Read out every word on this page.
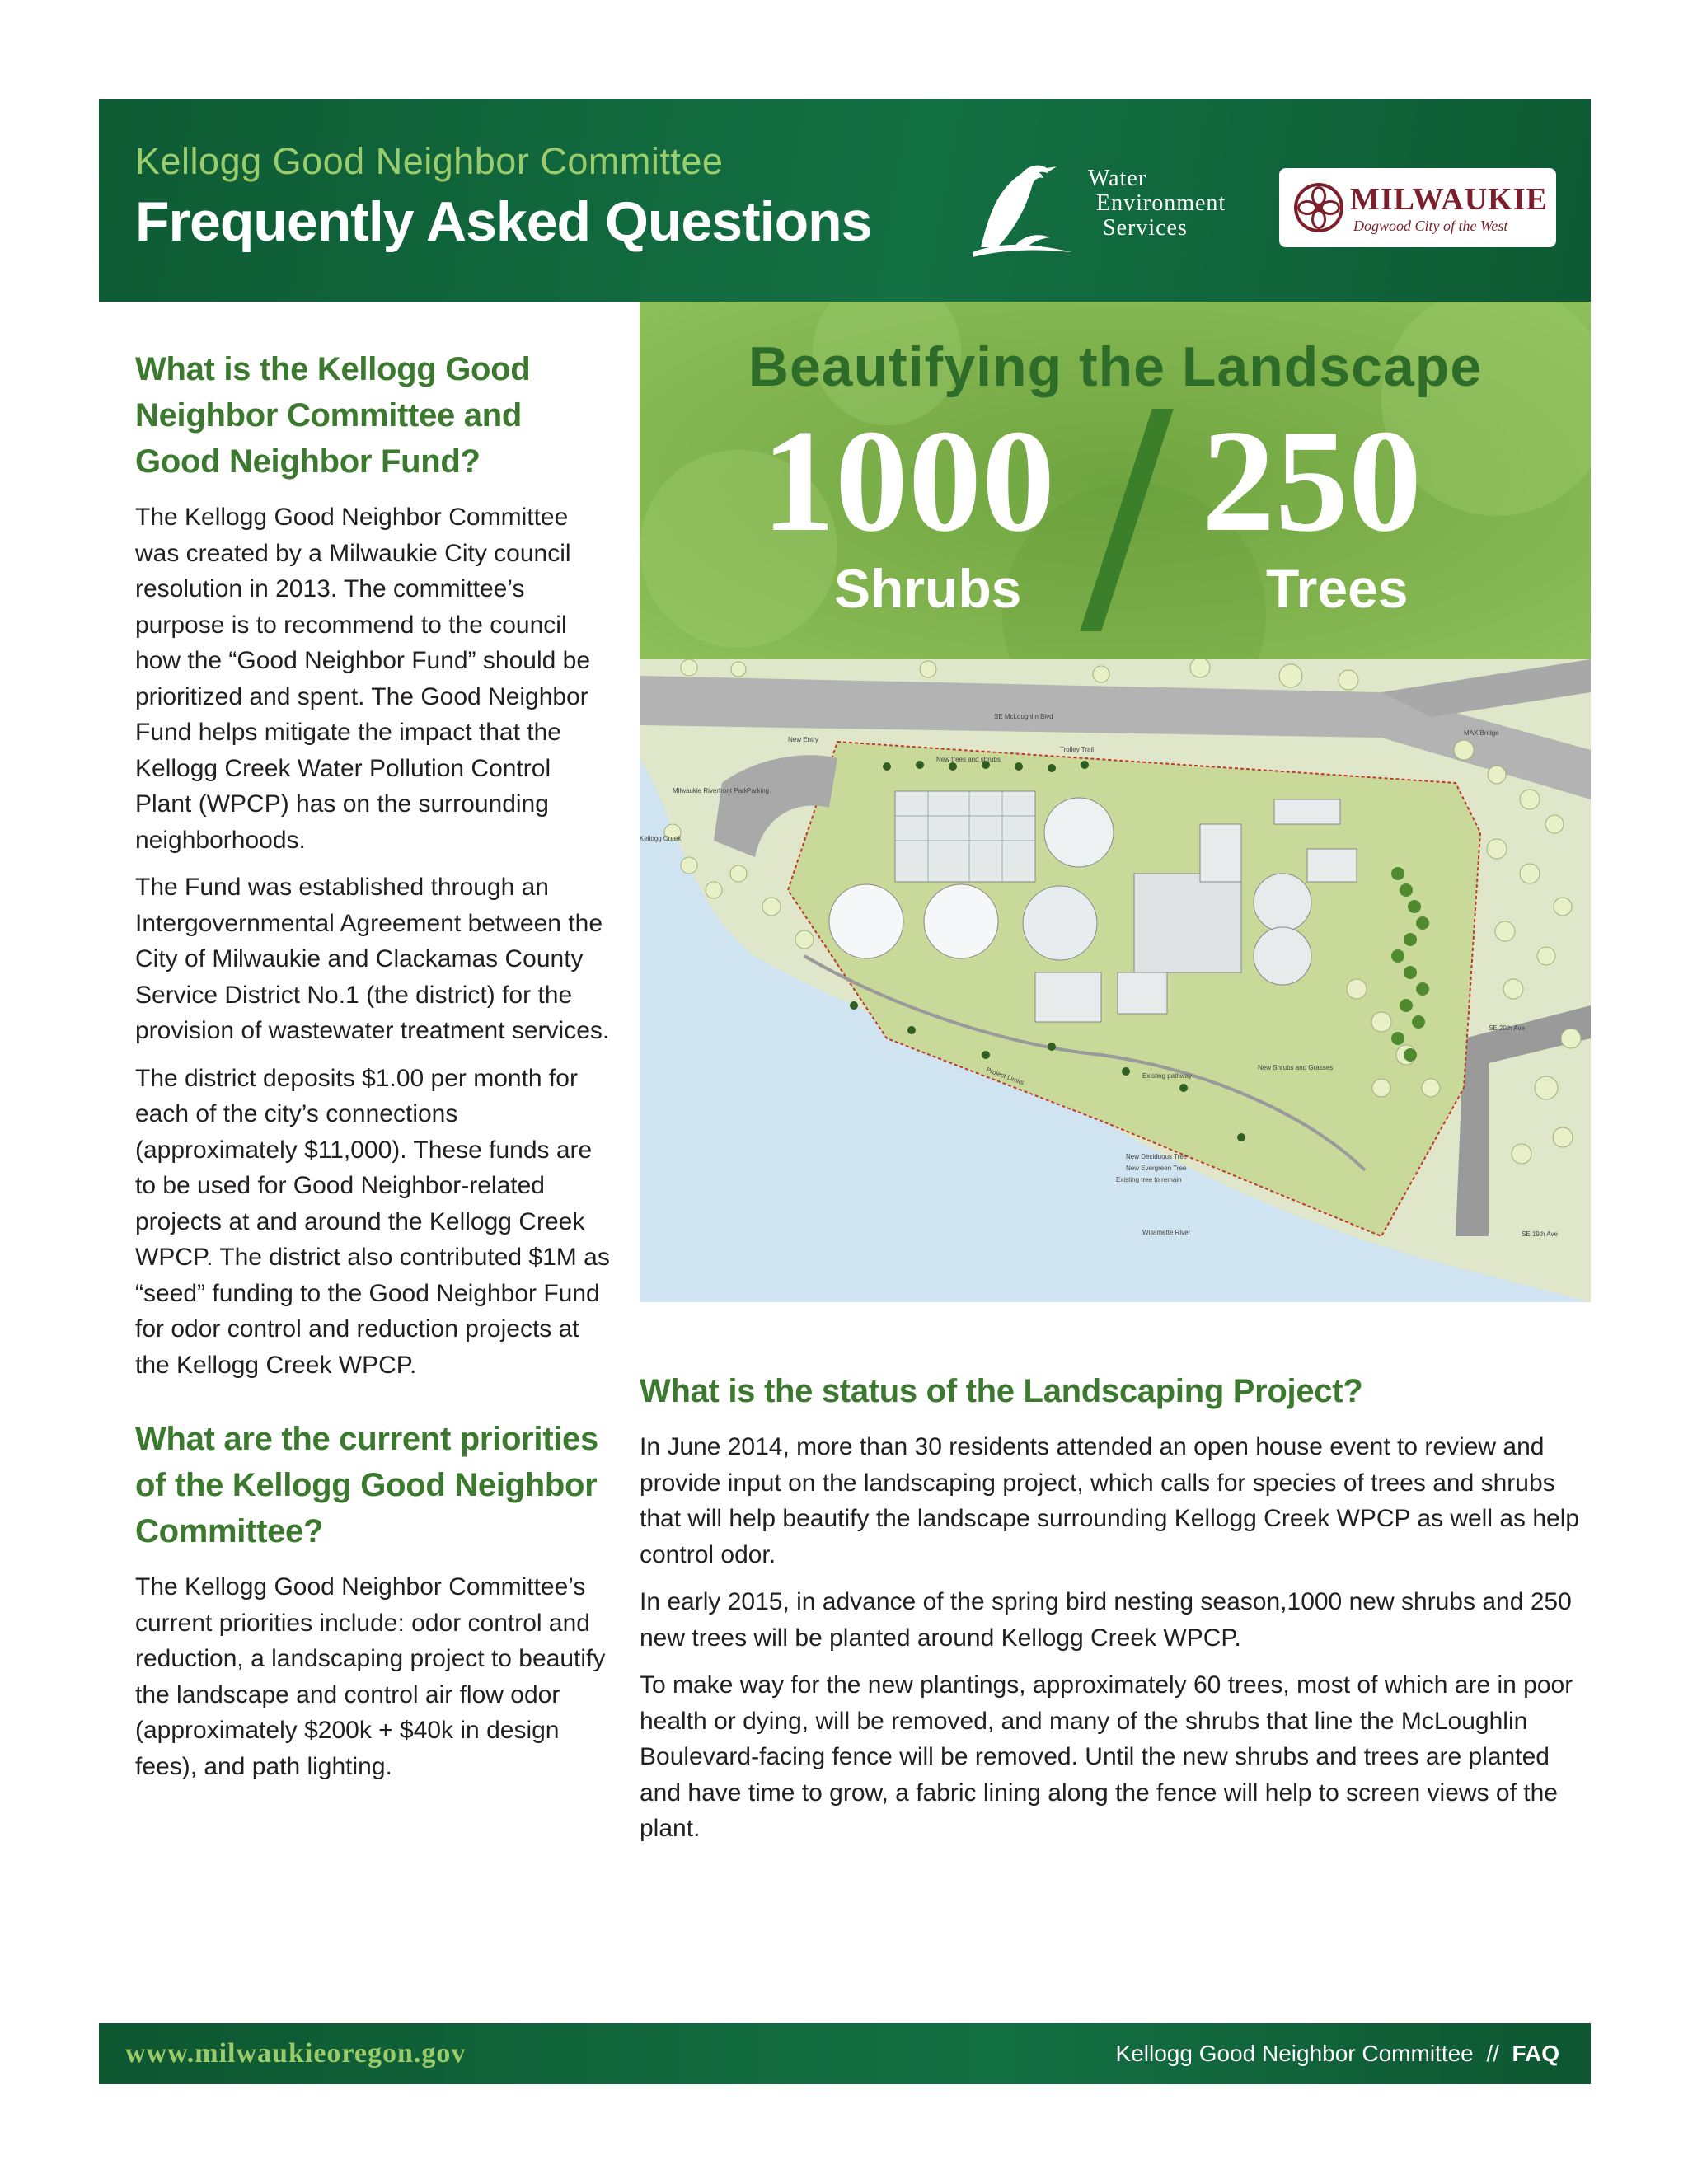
Kellogg Good Neighbor Committee
Frequently Asked Questions
Water
Environment
Services
MILWAUKIE
Dogwood City of the West
What is the Kellogg Good Neighbor Committee and Good Neighbor Fund?

The Kellogg Good Neighbor Committee was created by a Milwaukie City council resolution in 2013. The committee’s purpose is to recommend to the council how the “Good Neighbor Fund” should be prioritized and spent. The Good Neighbor Fund helps mitigate the impact that the Kellogg Creek Water Pollution Control Plant (WPCP) has on the surrounding neighborhoods.

The Fund was established through an Intergovernmental Agreement between the City of Milwaukie and Clackamas County Service District No.1 (the district) for the provision of wastewater treatment services.

The district deposits $1.00 per month for each of the city’s connections (approximately $11,000). These funds are to be used for Good Neighbor-related projects at and around the Kellogg Creek WPCP. The district also contributed $1M as “seed” funding to the Good Neighbor Fund for odor control and reduction projects at the Kellogg Creek WPCP.

What are the current priorities of the Kellogg Good Neighbor Committee?

The Kellogg Good Neighbor Committee’s current priorities include: odor control and reduction, a landscaping project to beautify the landscape and control air flow odor (approximately $200k + $40k in design fees), and path lighting.

Beautifying the Landscape
1000 250
Shrubs	Trees
SE McLoughlin Blvd
New Entry
Trolley Trail
MAX Bridge
Milwaukie Riverfront Park Parking
Kellogg Creek
New trees and shrubs
Project Limits	Existing pathway
New Shrubs and Grasses
New Deciduous Tree
New Evergreen Tree
Existing tree to remain
Willamette River
SE 20th Ave
SE 19th Ave
What is the status of the Landscaping Project?

In June 2014, more than 30 residents attended an open house event to review and provide input on the landscaping project, which calls for species of trees and shrubs that will help beautify the landscape surrounding Kellogg Creek WPCP as well as help control odor.

In early 2015, in advance of the spring bird nesting season,1000 new shrubs and 250 new trees will be planted around Kellogg Creek WPCP.

To make way for the new plantings, approximately 60 trees, most of which are in poor health or dying, will be removed, and many of the shrubs that line the McLoughlin Boulevard-facing fence will be removed. Until the new shrubs and trees are planted and have time to grow, a fabric lining along the fence will help to screen views of the plant.

www.milwaukieoregon.gov	Kellogg Good Neighbor Committee // FAQ
